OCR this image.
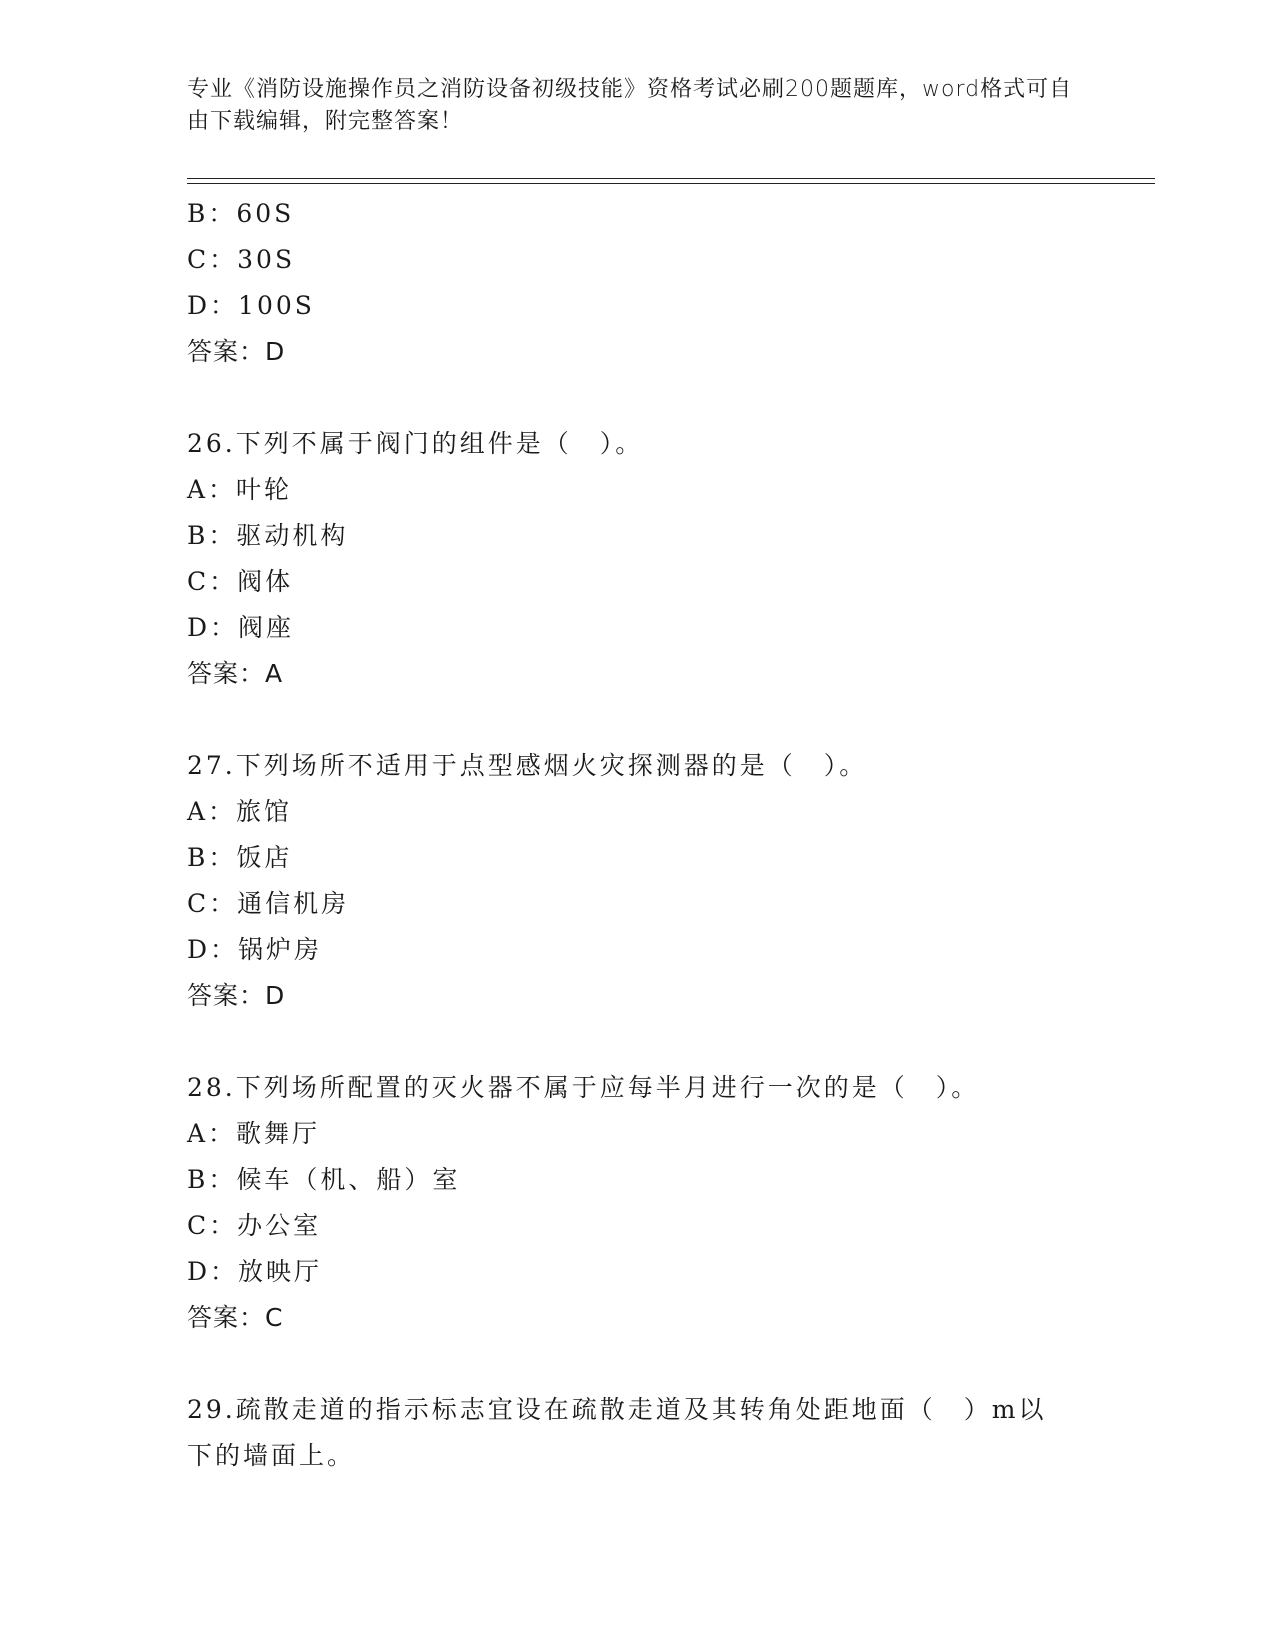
专业《消防设施操作员之消防设备初级技能》资格考试必刷200题题库，word格式可自由下载编辑，附完整答案！
B：60S
C：30S
D：100S
答案：D
26.下列不属于阀门的组件是（　）。
A：叶轮
B：驱动机构
C：阀体
D：阀座
答案：A
27.下列场所不适用于点型感烟火灾探测器的是（　）。
A：旅馆
B：饭店
C：通信机房
D：锅炉房
答案：D
28.下列场所配置的灭火器不属于应每半月进行一次的是（　）。
A：歌舞厅
B：候车（机、船）室
C：办公室
D：放映厅
答案：C
29.疏散走道的指示标志宜设在疏散走道及其转角处距地面（　）m以下的墙面上。
